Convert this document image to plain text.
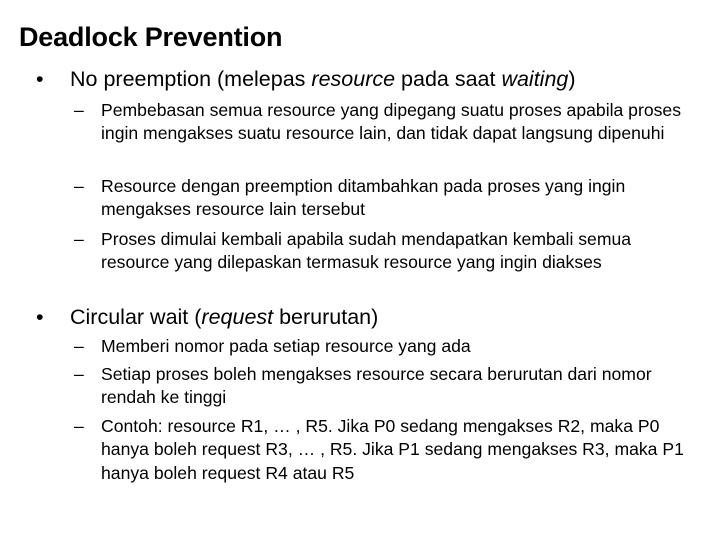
Deadlock Prevention
• No preemption (melepas resource pada saat waiting)
– Pembebasan semua resource yang dipegang suatu proses apabila proses ingin mengakses suatu resource lain, dan tidak dapat langsung dipenuhi
– Resource dengan preemption ditambahkan pada proses yang ingin mengakses resource lain tersebut
– Proses dimulai kembali apabila sudah mendapatkan kembali semua resource yang dilepaskan termasuk resource yang ingin diakses
• Circular wait (request berurutan)
– Memberi nomor pada setiap resource yang ada
– Setiap proses boleh mengakses resource secara berurutan dari nomor rendah ke tinggi
– Contoh: resource R1, … , R5. Jika P0 sedang mengakses R2, maka P0 hanya boleh request R3, … , R5. Jika P1 sedang mengakses R3, maka P1 hanya boleh request R4 atau R5
